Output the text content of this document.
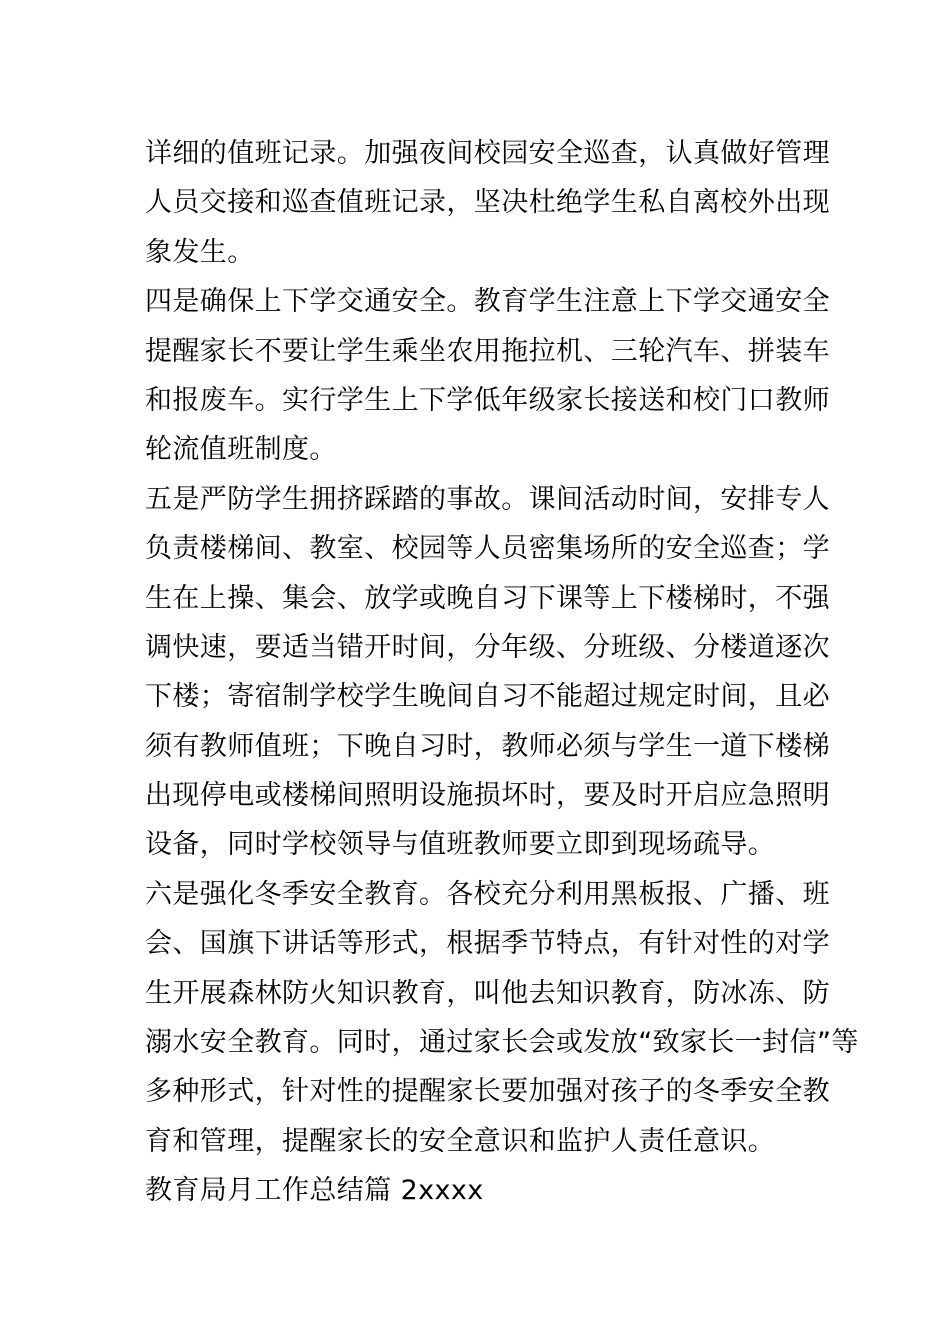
详细的值班记录。加强夜间校园安全巡查，认真做好管理
人员交接和巡查值班记录，坚决杜绝学生私自离校外出现
象发生。
四是确保上下学交通安全。教育学生注意上下学交通安全
提醒家长不要让学生乘坐农用拖拉机、三轮汽车、拼装车
和报废车。实行学生上下学低年级家长接送和校门口教师
轮流值班制度。
五是严防学生拥挤踩踏的事故。课间活动时间，安排专人
负责楼梯间、教室、校园等人员密集场所的安全巡查；学
生在上操、集会、放学或晚自习下课等上下楼梯时，不强
调快速，要适当错开时间，分年级、分班级、分楼道逐次
下楼；寄宿制学校学生晚间自习不能超过规定时间，且必
须有教师值班；下晚自习时，教师必须与学生一道下楼梯
出现停电或楼梯间照明设施损坏时，要及时开启应急照明
设备，同时学校领导与值班教师要立即到现场疏导。
六是强化冬季安全教育。各校充分利用黑板报、广播、班
会、国旗下讲话等形式，根据季节特点，有针对性的对学
生开展森林防火知识教育，叫他去知识教育，防冰冻、防
溺水安全教育。同时，通过家长会或发放“致家长一封信”等
多种形式，针对性的提醒家长要加强对孩子的冬季安全教
育和管理，提醒家长的安全意识和监护人责任意识。
教育局月工作总结篇 2xxxx
